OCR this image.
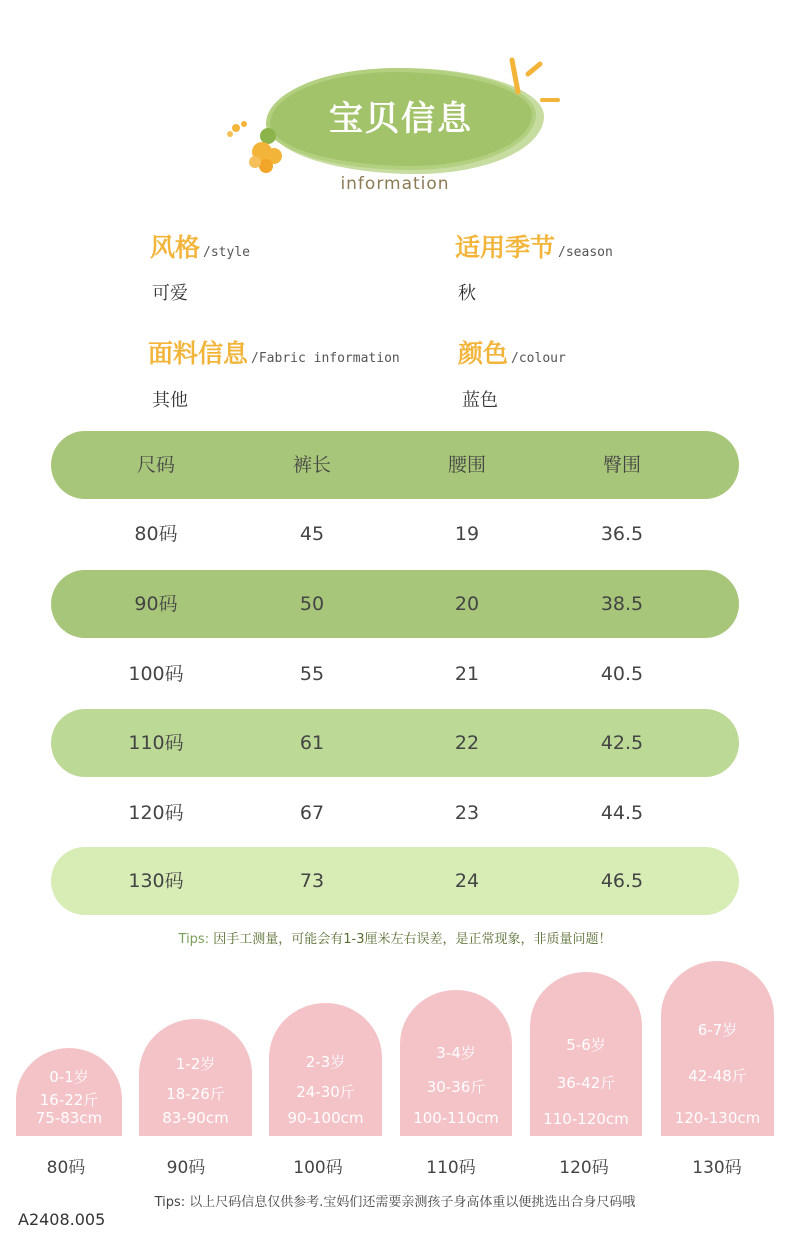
宝贝信息
information
风格 /style
可爱
适用季节 /season
秋
面料信息 /Fabric information
其他
颜色 /colour
蓝色
尺码	裤长	腰围	臀围
80码	45	19	36.5
90码	50	20	38.5
100码	55	21	40.5
110码	61	22	42.5
120码	67	23	44.5
130码	73	24	46.5
Tips: 因手工测量，可能会有1-3厘米左右误差，是正常现象，非质量问题！
0-1岁
16-22斤
75-83cm
1-2岁
18-26斤
83-90cm
2-3岁
24-30斤
90-100cm
3-4岁
30-36斤
100-110cm
5-6岁
36-42斤
110-120cm
6-7岁
42-48斤
120-130cm
80码	90码	100码	110码	120码	130码
Tips: 以上尺码信息仅供参考.宝妈们还需要亲测孩子身高体重以便挑选出合身尺码哦
A2408.005
